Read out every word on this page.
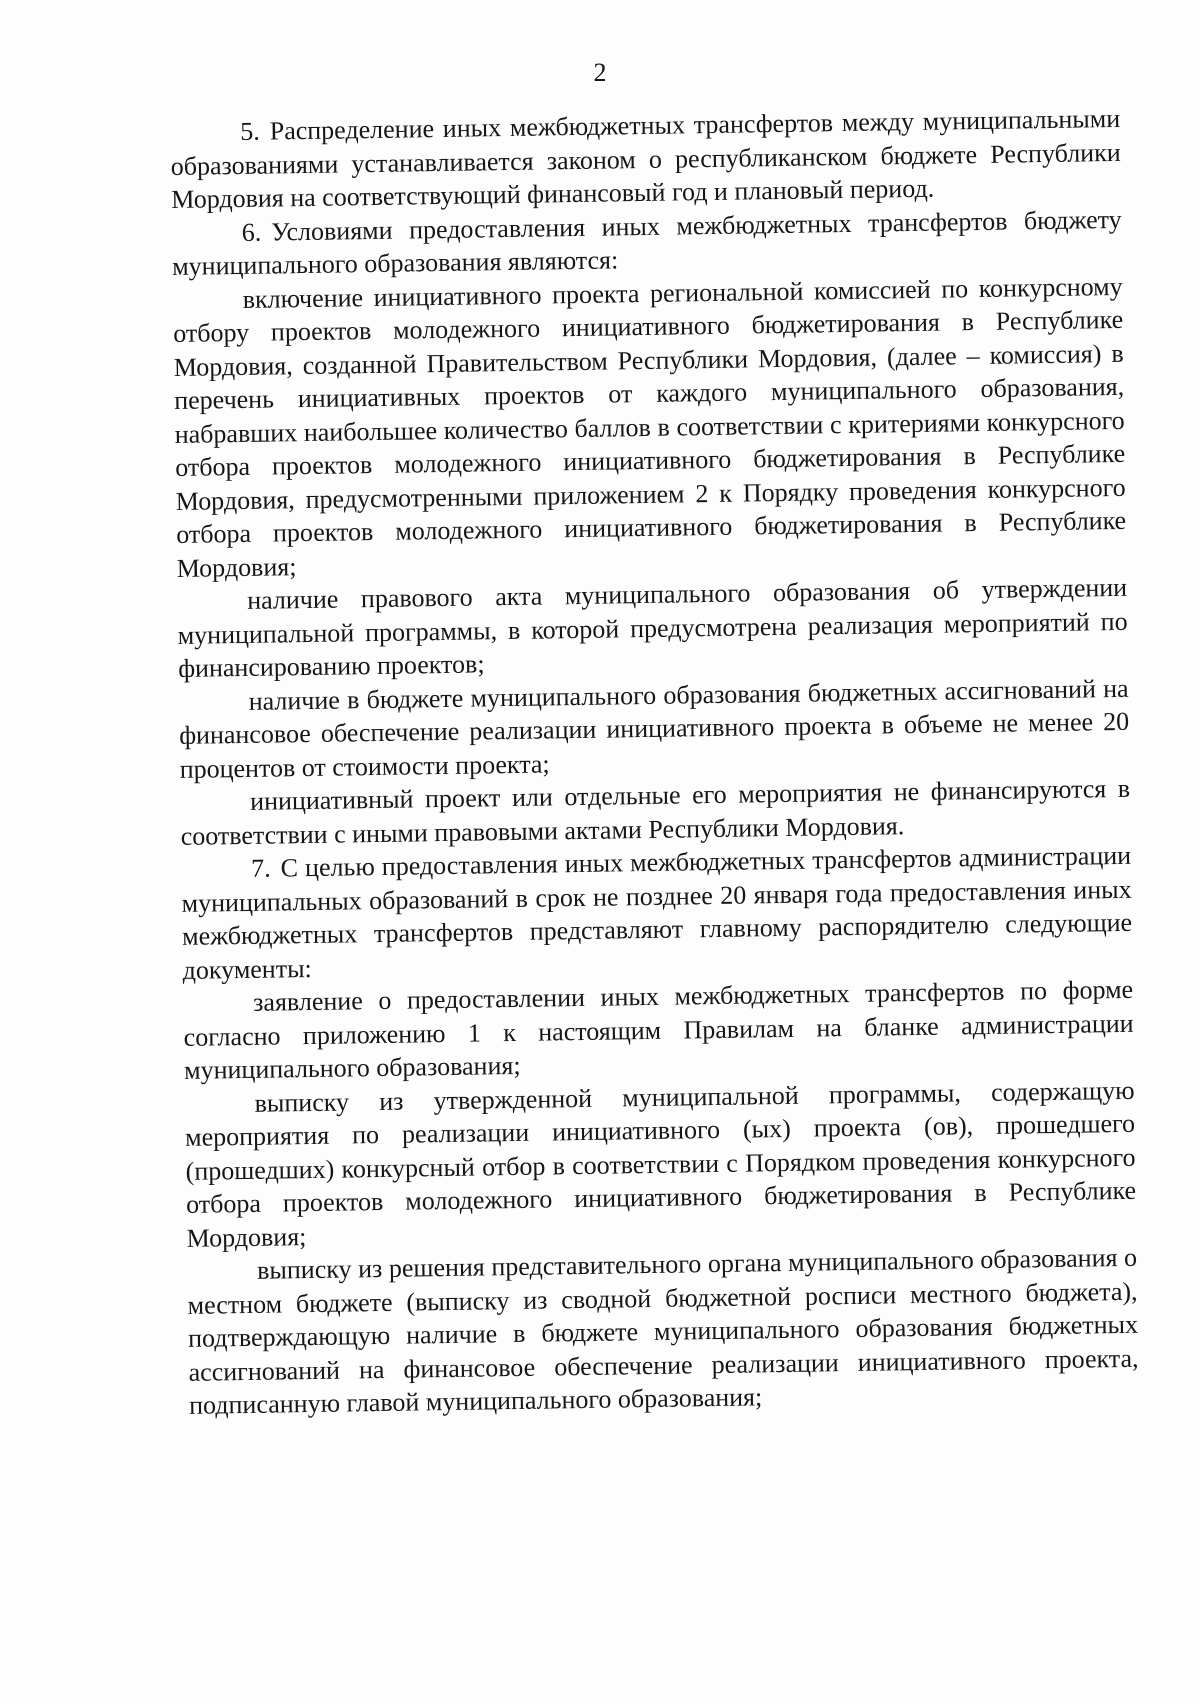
2

5. Распределение иных межбюджетных трансфертов между муниципальными образованиями устанавливается законом о республиканском бюджете Республики Мордовия на соответствующий финансовый год и плановый период.

6. Условиями предоставления иных межбюджетных трансфертов бюджету муниципального образования являются:

включение инициативного проекта региональной комиссией по конкурсному отбору проектов молодежного инициативного бюджетирования в Республике Мордовия, созданной Правительством Республики Мордовия, (далее – комиссия) в перечень инициативных проектов от каждого муниципального образования, набравших наибольшее количество баллов в соответствии с критериями конкурсного отбора проектов молодежного инициативного бюджетирования в Республике Мордовия, предусмотренными приложением 2 к Порядку проведения конкурсного отбора проектов молодежного инициативного бюджетирования в Республике Мордовия;

наличие правового акта муниципального образования об утверждении муниципальной программы, в которой предусмотрена реализация мероприятий по финансированию проектов;

наличие в бюджете муниципального образования бюджетных ассигнований на финансовое обеспечение реализации инициативного проекта в объеме не менее 20 процентов от стоимости проекта;

инициативный проект или отдельные его мероприятия не финансируются в соответствии с иными правовыми актами Республики Мордовия.

7. С целью предоставления иных межбюджетных трансфертов администрации муниципальных образований в срок не позднее 20 января года предоставления иных межбюджетных трансфертов представляют главному распорядителю следующие документы:

заявление о предоставлении иных межбюджетных трансфертов по форме согласно приложению 1 к настоящим Правилам на бланке администрации муниципального образования;

выписку из утвержденной муниципальной программы, содержащую мероприятия по реализации инициативного (ых) проекта (ов), прошедшего (прошедших) конкурсный отбор в соответствии с Порядком проведения конкурсного отбора проектов молодежного инициативного бюджетирования в Республике Мордовия;

выписку из решения представительного органа муниципального образования о местном бюджете (выписку из сводной бюджетной росписи местного бюджета), подтверждающую наличие в бюджете муниципального образования бюджетных ассигнований на финансовое обеспечение реализации инициативного проекта, подписанную главой муниципального образования;
